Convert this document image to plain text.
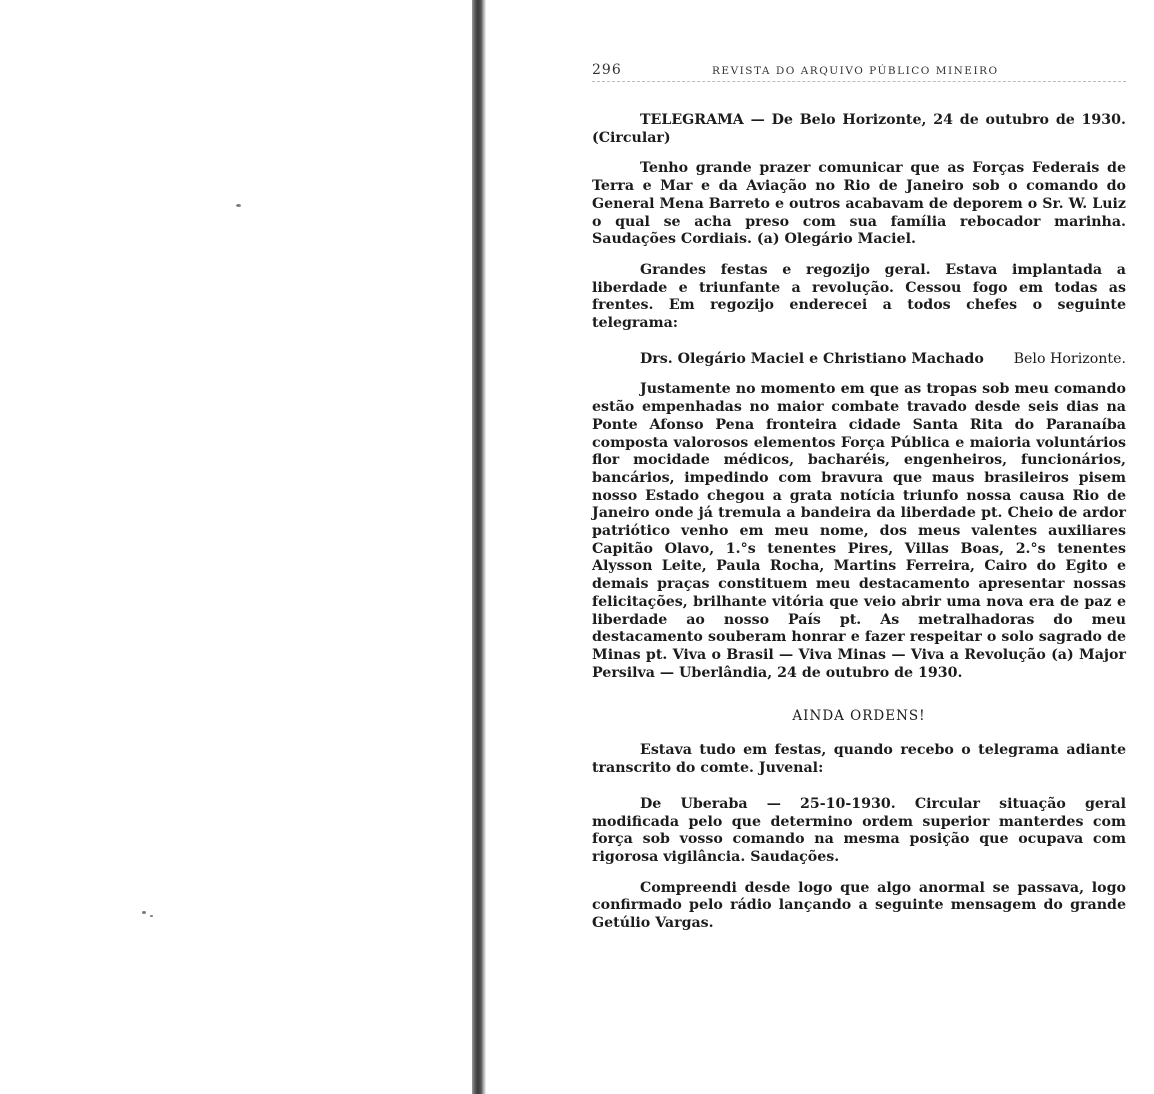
296	REVISTA DO ARQUIVO PÚBLICO MINEIRO

TELEGRAMA — De Belo Horizonte, 24 de outubro de 1930. (Circular)

Tenho grande prazer comunicar que as Forças Federais de Terra e Mar e da Aviação no Rio de Janeiro sob o comando do General Mena Barreto e outros acabavam de deporem o Sr. W. Luiz o qual se acha preso com sua família rebocador marinha. Saudações Cordiais. (a) Olegário Maciel.

Grandes festas e regozijo geral. Estava implantada a liberdade e triunfante a revolução. Cessou fogo em todas as frentes. Em regozijo enderecei a todos chefes o seguinte telegrama:

Drs. Olegário Maciel e Christiano Machado Belo Horizonte.

Justamente no momento em que as tropas sob meu comando estão empenhadas no maior combate travado desde seis dias na Ponte Afonso Pena fronteira cidade Santa Rita do Paranaíba composta valorosos elementos Força Pública e maioria voluntários flor mocidade médicos, bacharéis, engenheiros, funcionários, bancários, impedindo com bravura que maus brasileiros pisem nosso Estado chegou a grata notícia triunfo nossa causa Rio de Janeiro onde já tremula a bandeira da liberdade pt. Cheio de ardor patriótico venho em meu nome, dos meus valentes auxiliares Capitão Olavo, 1.°s tenentes Pires, Villas Boas, 2.°s tenentes Alysson Leite, Paula Rocha, Martins Ferreira, Cairo do Egito e demais praças constituem meu destacamento apresentar nossas felicitações, brilhante vitória que veio abrir uma nova era de paz e liberdade ao nosso País pt. As metralhadoras do meu destacamento souberam honrar e fazer respeitar o solo sagrado de Minas pt. Viva o Brasil — Viva Minas — Viva a Revolução (a) Major Persilva — Uberlândia, 24 de outubro de 1930.

AINDA ORDENS!

Estava tudo em festas, quando recebo o telegrama adiante transcrito do comte. Juvenal:

De Uberaba — 25-10-1930. Circular situação geral modificada pelo que determino ordem superior manterdes com força sob vosso comando na mesma posição que ocupava com rigorosa vigilância. Saudações.

Compreendi desde logo que algo anormal se passava, logo confirmado pelo rádio lançando a seguinte mensagem do grande Getúlio Vargas.
